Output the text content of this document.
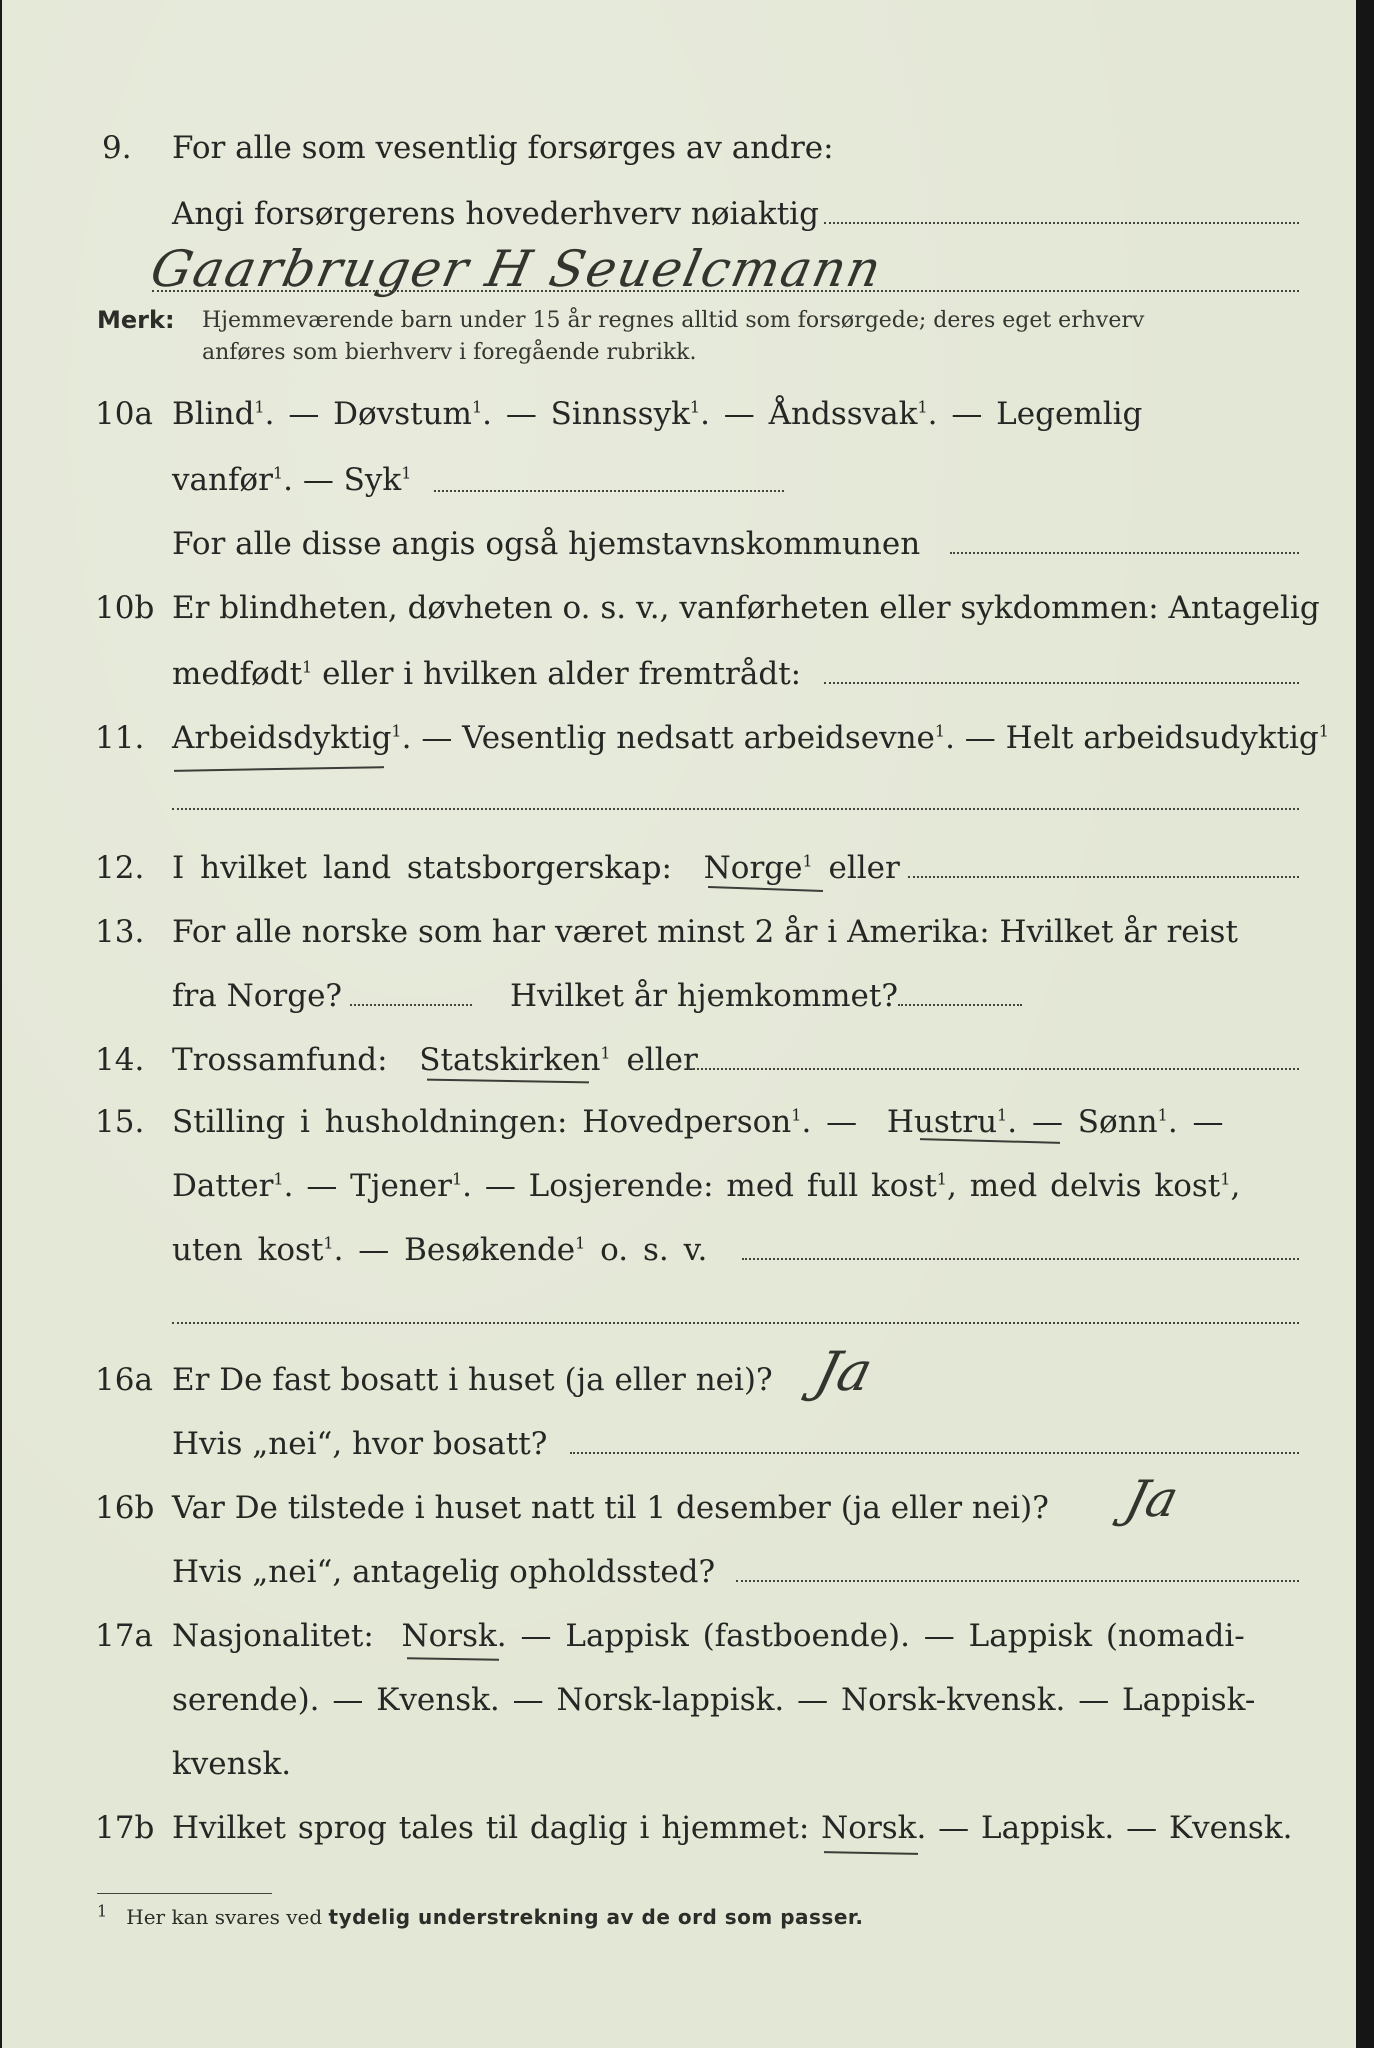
9. For alle som vesentlig forsørges av andre:
Angi forsørgerens hovederhverv nøiaktig
Gaarbruger H Seuelcmann
Merk: Hjemmeværende barn under 15 år regnes alltid som forsørgede; deres eget erhverv
anføres som bierhverv i foregående rubrikk.
10a Blind$^1$. — Døvstum$^1$. — Sinnssyk$^1$. — Åndssvak$^1$. — Legemlig
vanfør$^1$. — Syk$^1$
For alle disse angis også hjemstavnskommunen
10b Er blindheten, døvheten o. s. v., vanførheten eller sykdommen: Antagelig
medfødt$^1$ eller i hvilken alder fremtrådt:
11. Arbeidsdyktig$^1$. — Vesentlig nedsatt arbeidsevne$^1$. — Helt arbeidsudyktig$^1$
12. I hvilket land statsborgerskap: Norge$^1$ eller
13. For alle norske som har været minst 2 år i Amerika: Hvilket år reist
fra Norge?	Hvilket år hjemkommet?
14. Trossamfund: Statskirken$^1$ eller
15. Stilling i husholdningen: Hovedperson$^1$. — Hustru$^1$. — Sønn$^1$. —
Datter$^1$. — Tjener$^1$. — Losjerende: med full kost$^1$, med delvis kost$^1$,
uten kost$^1$. — Besøkende$^1$ o. s. v.
16a Er De fast bosatt i huset (ja eller nei)? Ja
Hvis „nei“, hvor bosatt?
16b Var De tilstede i huset natt til 1 desember (ja eller nei)? Ja
Hvis „nei“, antagelig opholdssted?
17a Nasjonalitet: Norsk. — Lappisk (fastboende). — Lappisk (nomadi-
serende). — Kvensk. — Norsk-lappisk. — Norsk-kvensk. — Lappisk-
kvensk.
17b Hvilket sprog tales til daglig i hjemmet: Norsk. — Lappisk. — Kvensk.
$^1$ Her kan svares ved tydelig understrekning av de ord som passer.
